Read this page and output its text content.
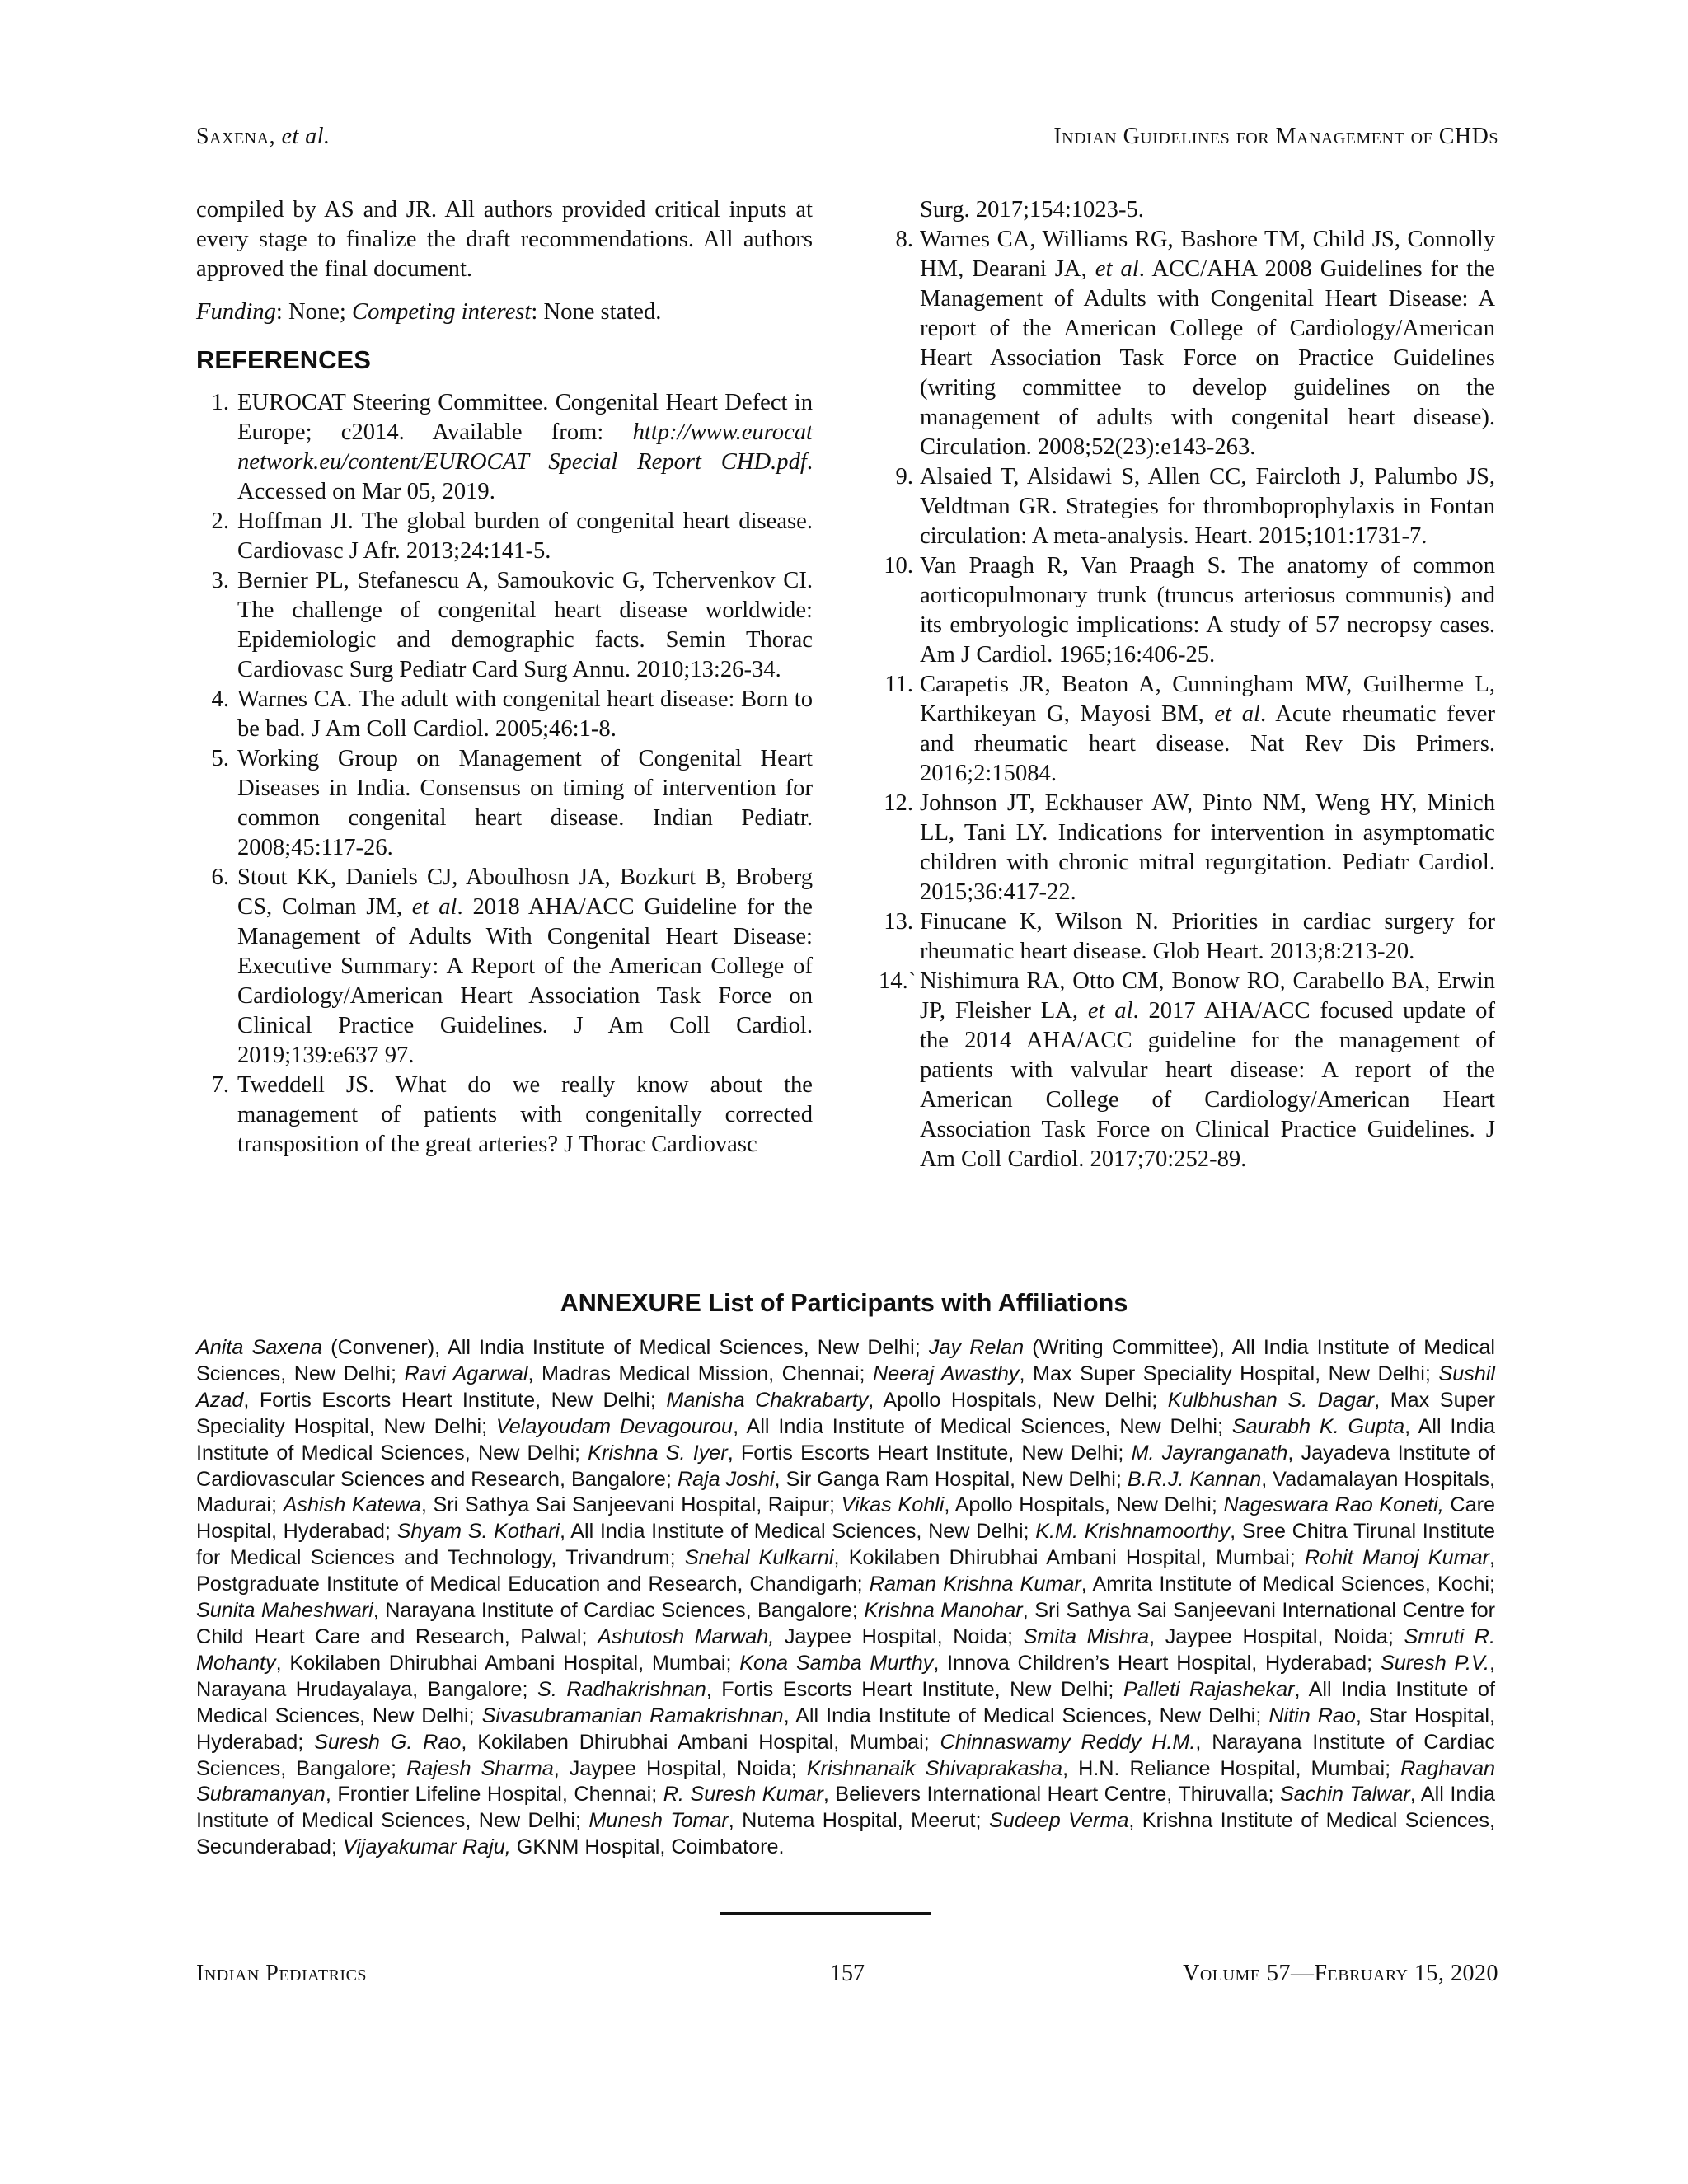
Saxena, et al.	Indian Guidelines for Management of CHDs

compiled by AS and JR. All authors provided critical inputs at every stage to finalize the draft recommendations. All authors approved the final document.

Funding: None; Competing interest: None stated.

REFERENCES
1. EUROCAT Steering Committee. Congenital Heart Defect in Europe; c2014. Available from: http://www.eurocat network.eu/content/EUROCAT Special Report CHD.pdf. Accessed on Mar 05, 2019.
2. Hoffman JI. The global burden of congenital heart disease. Cardiovasc J Afr. 2013;24:141-5.
3. Bernier PL, Stefanescu A, Samoukovic G, Tchervenkov CI. The challenge of congenital heart disease worldwide: Epidemiologic and demographic facts. Semin Thorac Cardiovasc Surg Pediatr Card Surg Annu. 2010;13:26-34.
4. Warnes CA. The adult with congenital heart disease: Born to be bad. J Am Coll Cardiol. 2005;46:1-8.
5. Working Group on Management of Congenital Heart Diseases in India. Consensus on timing of intervention for common congenital heart disease. Indian Pediatr. 2008;45:117-26.
6. Stout KK, Daniels CJ, Aboulhosn JA, Bozkurt B, Broberg CS, Colman JM, et al. 2018 AHA/ACC Guideline for the Management of Adults With Congenital Heart Disease: Executive Summary: A Report of the American College of Cardiology/American Heart Association Task Force on Clinical Practice Guidelines. J Am Coll Cardiol. 2019;139:e637 97.
7. Tweddell JS. What do we really know about the management of patients with congenitally corrected transposition of the great arteries? J Thorac Cardiovasc
Surg. 2017;154:1023-5.
8. Warnes CA, Williams RG, Bashore TM, Child JS, Connolly HM, Dearani JA, et al. ACC/AHA 2008 Guidelines for the Management of Adults with Congenital Heart Disease: A report of the American College of Cardiology/American Heart Association Task Force on Practice Guidelines (writing committee to develop guidelines on the management of adults with congenital heart disease). Circulation. 2008;52(23):e143-263.
9. Alsaied T, Alsidawi S, Allen CC, Faircloth J, Palumbo JS, Veldtman GR. Strategies for thromboprophylaxis in Fontan circulation: A meta-analysis. Heart. 2015;101:1731-7.
10. Van Praagh R, Van Praagh S. The anatomy of common aorticopulmonary trunk (truncus arteriosus communis) and its embryologic implications: A study of 57 necropsy cases. Am J Cardiol. 1965;16:406-25.
11. Carapetis JR, Beaton A, Cunningham MW, Guilherme L, Karthikeyan G, Mayosi BM, et al. Acute rheumatic fever and rheumatic heart disease. Nat Rev Dis Primers. 2016;2:15084.
12. Johnson JT, Eckhauser AW, Pinto NM, Weng HY, Minich LL, Tani LY. Indications for intervention in asymptomatic children with chronic mitral regurgitation. Pediatr Cardiol. 2015;36:417-22.
13. Finucane K, Wilson N. Priorities in cardiac surgery for rheumatic heart disease. Glob Heart. 2013;8:213-20.
14.` Nishimura RA, Otto CM, Bonow RO, Carabello BA, Erwin JP, Fleisher LA, et al. 2017 AHA/ACC focused update of the 2014 AHA/ACC guideline for the management of patients with valvular heart disease: A report of the American College of Cardiology/American Heart Association Task Force on Clinical Practice Guidelines. J Am Coll Cardiol. 2017;70:252-89.
ANNEXURE List of Participants with Affiliations
Anita Saxena (Convener), All India Institute of Medical Sciences, New Delhi; Jay Relan (Writing Committee), All India Institute of Medical Sciences, New Delhi; Ravi Agarwal, Madras Medical Mission, Chennai; Neeraj Awasthy, Max Super Speciality Hospital, New Delhi; Sushil Azad, Fortis Escorts Heart Institute, New Delhi; Manisha Chakrabarty, Apollo Hospitals, New Delhi; Kulbhushan S. Dagar, Max Super Speciality Hospital, New Delhi; Velayoudam Devagourou, All India Institute of Medical Sciences, New Delhi; Saurabh K. Gupta, All India Institute of Medical Sciences, New Delhi; Krishna S. Iyer, Fortis Escorts Heart Institute, New Delhi; M. Jayranganath, Jayadeva Institute of Cardiovascular Sciences and Research, Bangalore; Raja Joshi, Sir Ganga Ram Hospital, New Delhi; B.R.J. Kannan, Vadamalayan Hospitals, Madurai; Ashish Katewa, Sri Sathya Sai Sanjeevani Hospital, Raipur; Vikas Kohli, Apollo Hospitals, New Delhi; Nageswara Rao Koneti, Care Hospital, Hyderabad; Shyam S. Kothari, All India Institute of Medical Sciences, New Delhi; K.M. Krishnamoorthy, Sree Chitra Tirunal Institute for Medical Sciences and Technology, Trivandrum; Snehal Kulkarni, Kokilaben Dhirubhai Ambani Hospital, Mumbai; Rohit Manoj Kumar, Postgraduate Institute of Medical Education and Research, Chandigarh; Raman Krishna Kumar, Amrita Institute of Medical Sciences, Kochi; Sunita Maheshwari, Narayana Institute of Cardiac Sciences, Bangalore; Krishna Manohar, Sri Sathya Sai Sanjeevani International Centre for Child Heart Care and Research, Palwal; Ashutosh Marwah, Jaypee Hospital, Noida; Smita Mishra, Jaypee Hospital, Noida; Smruti R. Mohanty, Kokilaben Dhirubhai Ambani Hospital, Mumbai; Kona Samba Murthy, Innova Children’s Heart Hospital, Hyderabad; Suresh P.V., Narayana Hrudayalaya, Bangalore; S. Radhakrishnan, Fortis Escorts Heart Institute, New Delhi; Palleti Rajashekar, All India Institute of Medical Sciences, New Delhi; Sivasubramanian Ramakrishnan, All India Institute of Medical Sciences, New Delhi; Nitin Rao, Star Hospital, Hyderabad; Suresh G. Rao, Kokilaben Dhirubhai Ambani Hospital, Mumbai; Chinnaswamy Reddy H.M., Narayana Institute of Cardiac Sciences, Bangalore; Rajesh Sharma, Jaypee Hospital, Noida; Krishnanaik Shivaprakasha, H.N. Reliance Hospital, Mumbai; Raghavan Subramanyan, Frontier Lifeline Hospital, Chennai; R. Suresh Kumar, Believers International Heart Centre, Thiruvalla; Sachin Talwar, All India Institute of Medical Sciences, New Delhi; Munesh Tomar, Nutema Hospital, Meerut; Sudeep Verma, Krishna Institute of Medical Sciences, Secunderabad; Vijayakumar Raju, GKNM Hospital, Coimbatore.
Indian Pediatrics	157	Volume 57—February 15, 2020
